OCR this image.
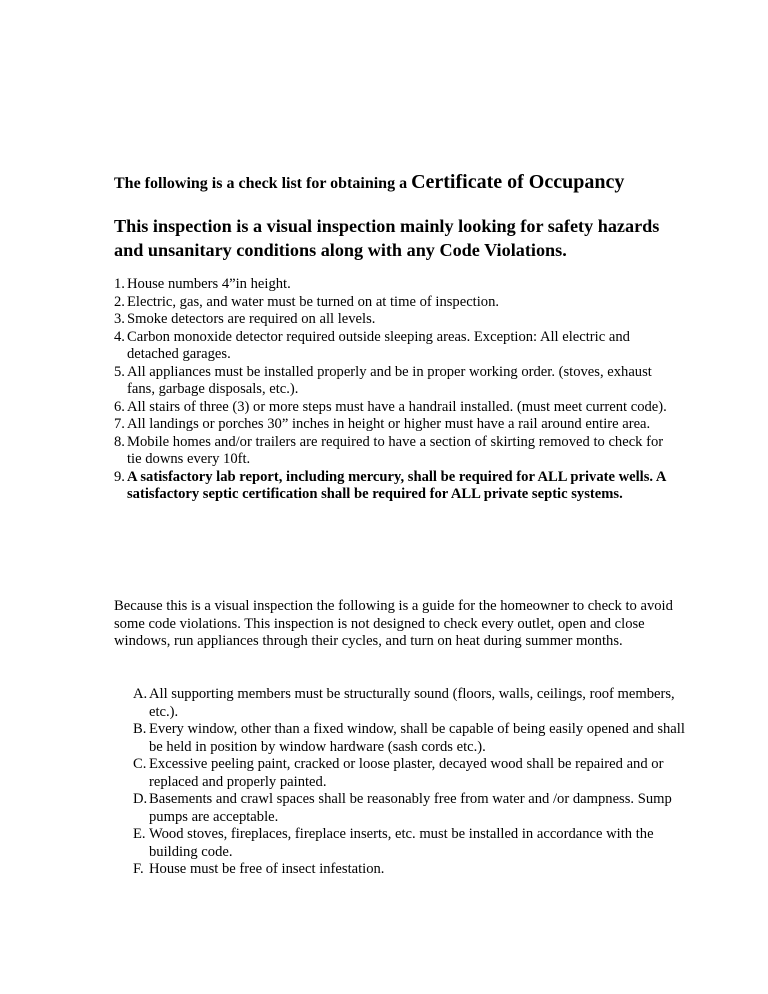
The following is a check list for obtaining a Certificate of Occupancy
This inspection is a visual inspection mainly looking for safety hazards and unsanitary conditions along with any Code Violations.
1. House numbers 4”in height.
2. Electric, gas, and water must be turned on at time of inspection.
3. Smoke detectors are required on all levels.
4. Carbon monoxide detector required outside sleeping areas. Exception: All electric and detached garages.
5. All appliances must be installed properly and be in proper working order. (stoves, exhaust fans, garbage disposals, etc.).
6. All stairs of three (3) or more steps must have a handrail installed. (must meet current code).
7. All landings or porches 30” inches in height or higher must have a rail around entire area.
8. Mobile homes and/or trailers are required to have a section of skirting removed to check for tie downs every 10ft.
9. A satisfactory lab report, including mercury, shall be required for ALL private wells. A satisfactory septic certification shall be required for ALL private septic systems.
Because this is a visual inspection the following is a guide for the homeowner to check to avoid some code violations. This inspection is not designed to check every outlet, open and close windows, run appliances through their cycles, and turn on heat during summer months.
A. All supporting members must be structurally sound (floors, walls, ceilings, roof members, etc.).
B. Every window, other than a fixed window, shall be capable of being easily opened and shall be held in position by window hardware (sash cords etc.).
C. Excessive peeling paint, cracked or loose plaster, decayed wood shall be repaired and or replaced and properly painted.
D. Basements and crawl spaces shall be reasonably free from water and /or dampness. Sump pumps are acceptable.
E. Wood stoves, fireplaces, fireplace inserts, etc. must be installed in accordance with the building code.
F. House must be free of insect infestation.
